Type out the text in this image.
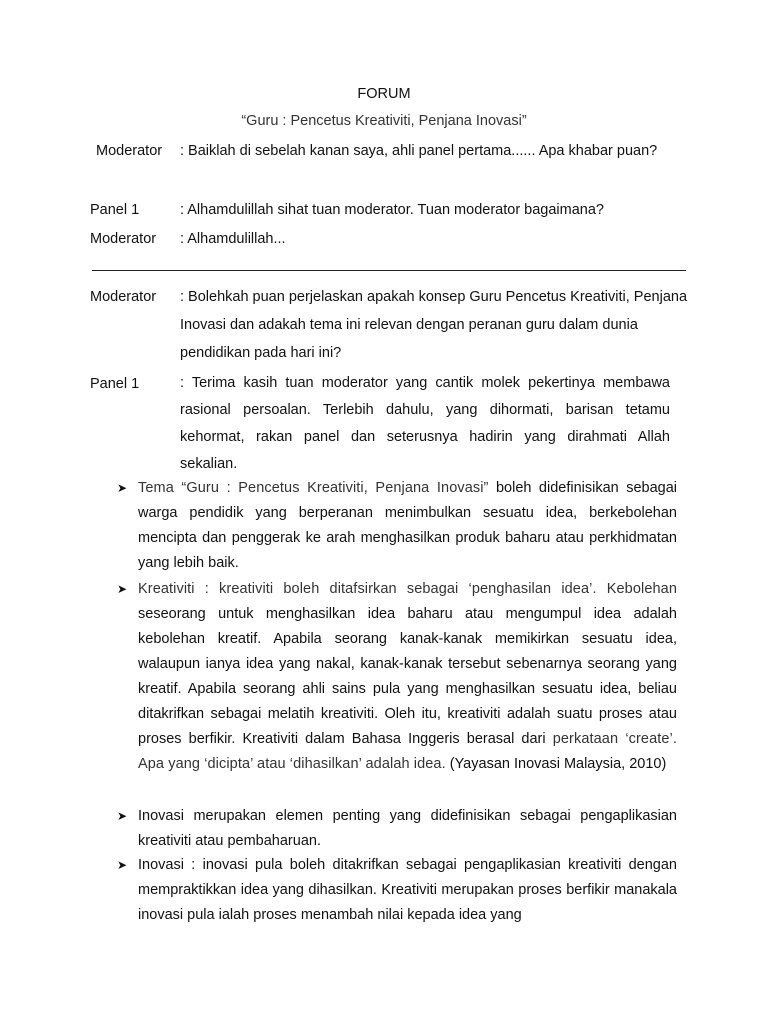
FORUM
“Guru : Pencetus Kreativiti, Penjana Inovasi”
Moderator	: Baiklah di sebelah kanan saya, ahli panel pertama...... Apa khabar puan?
Panel 1	: Alhamdulillah sihat tuan moderator. Tuan moderator bagaimana?
Moderator	: Alhamdulillah...
Moderator	: Bolehkah puan perjelaskan apakah konsep Guru Pencetus Kreativiti, Penjana Inovasi dan adakah tema ini relevan dengan peranan guru dalam dunia pendidikan pada hari ini?
Panel 1	: Terima kasih tuan moderator yang cantik molek pekertinya membawa rasional persoalan. Terlebih dahulu, yang dihormati, barisan tetamu kehormat, rakan panel dan seterusnya hadirin yang dirahmati Allah sekalian.
➤ Tema “Guru : Pencetus Kreativiti, Penjana Inovasi” boleh didefinisikan sebagai warga pendidik yang berperanan menimbulkan sesuatu idea, berkebolehan mencipta dan penggerak ke arah menghasilkan produk baharu atau perkhidmatan yang lebih baik.
➤ Kreativiti : kreativiti boleh ditafsirkan sebagai ‘penghasilan idea’. Kebolehan seseorang untuk menghasilkan idea baharu atau mengumpul idea adalah kebolehan kreatif. Apabila seorang kanak-kanak memikirkan sesuatu idea, walaupun ianya idea yang nakal, kanak-kanak tersebut sebenarnya seorang yang kreatif. Apabila seorang ahli sains pula yang menghasilkan sesuatu idea, beliau ditakrifkan sebagai melatih kreativiti. Oleh itu, kreativiti adalah suatu proses atau proses berfikir. Kreativiti dalam Bahasa Inggeris berasal dari perkataan ‘create’. Apa yang ‘dicipta’ atau ‘dihasilkan’ adalah idea. (Yayasan Inovasi Malaysia, 2010)
➤ Inovasi merupakan elemen penting yang didefinisikan sebagai pengaplikasian kreativiti atau pembaharuan.
➤ Inovasi : inovasi pula boleh ditakrifkan sebagai pengaplikasian kreativiti dengan mempraktikkan idea yang dihasilkan. Kreativiti merupakan proses berfikir manakala inovasi pula ialah proses menambah nilai kepada idea yang
